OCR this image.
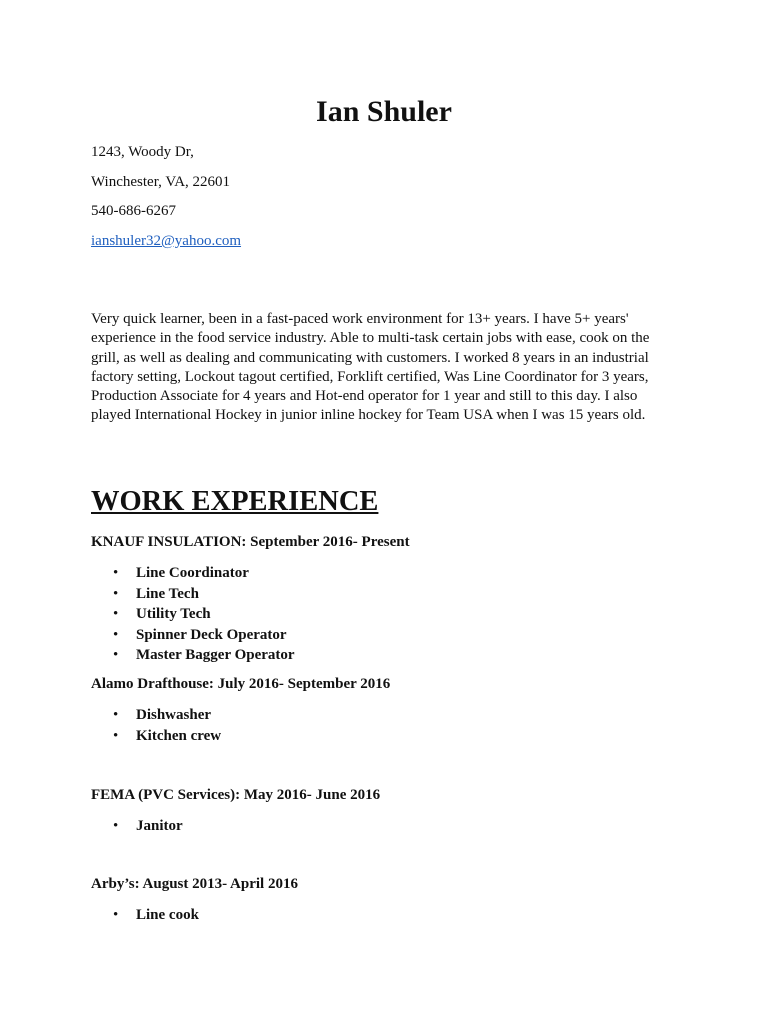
Ian Shuler
1243, Woody Dr,
Winchester, VA, 22601
540-686-6267
ianshuler32@yahoo.com

Very quick learner, been in a fast-paced work environment for 13+ years. I have 5+ years' experience in the food service industry. Able to multi-task certain jobs with ease, cook on the grill, as well as dealing and communicating with customers. I worked 8 years in an industrial factory setting, Lockout tagout certified, Forklift certified, Was Line Coordinator for 3 years, Production Associate for 4 years and Hot-end operator for 1 year and still to this day. I also played International Hockey in junior inline hockey for Team USA when I was 15 years old.

WORK EXPERIENCE

KNAUF INSULATION: September 2016- Present

• Line Coordinator
• Line Tech
• Utility Tech
• Spinner Deck Operator
• Master Bagger Operator

Alamo Drafthouse: July 2016- September 2016

• Dishwasher
• Kitchen crew

FEMA (PVC Services): May 2016- June 2016

• Janitor

Arby’s: August 2013- April 2016

• Line cook
